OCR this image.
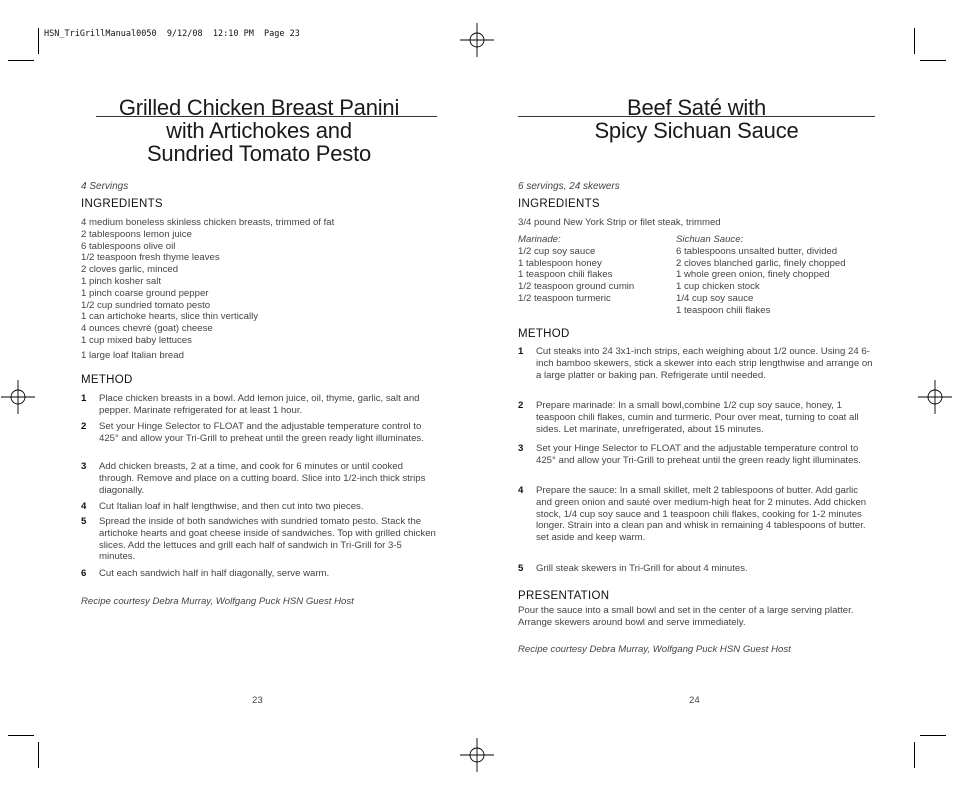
HSN_TriGrillManual0050  9/12/08  12:10 PM  Page 23
Grilled Chicken Breast Panini
with Artichokes and
Sundried Tomato Pesto
4 Servings
INGREDIENTS
4 medium boneless skinless chicken breasts, trimmed of fat
2 tablespoons lemon juice
6 tablespoons olive oil
1/2 teaspoon fresh thyme leaves
2 cloves garlic, minced
1 pinch kosher salt
1 pinch coarse ground pepper
1/2 cup sundried tomato pesto
1 can artichoke hearts, slice thin vertically
4 ounces chevré (goat) cheese
1 cup mixed baby lettuces
1 large loaf Italian bread
METHOD
1 Place chicken breasts in a bowl. Add lemon juice, oil, thyme, garlic, salt and pepper. Marinate refrigerated for at least 1 hour.
2 Set your Hinge Selector to FLOAT and the adjustable temperature control to 425° and allow your Tri-Grill to preheat until the green ready light illuminates.
3 Add chicken breasts, 2 at a time, and cook for 6 minutes or until cooked through. Remove and place on a cutting board. Slice into 1/2-inch thick strips diagonally.
4 Cut Italian loaf in half lengthwise, and then cut into two pieces.
5 Spread the inside of both sandwiches with sundried tomato pesto. Stack the artichoke hearts and goat cheese inside of sandwiches. Top with grilled chicken slices. Add the lettuces and grill each half of sandwich in Tri-Grill for 3-5 minutes.
6 Cut each sandwich half in half diagonally, serve warm.
Recipe courtesy Debra Murray, Wolfgang Puck HSN Guest Host
23
Beef Saté with
Spicy Sichuan Sauce
6 servings, 24 skewers
INGREDIENTS
3/4 pound New York Strip or filet steak, trimmed
Marinade:
1/2 cup soy sauce
1 tablespoon honey
1 teaspoon chili flakes
1/2 teaspoon ground cumin
1/2 teaspoon turmeric
Sichuan Sauce:
6 tablespoons unsalted butter, divided
2 cloves blanched garlic, finely chopped
1 whole green onion, finely chopped
1 cup chicken stock
1/4 cup soy sauce
1 teaspoon chili flakes
METHOD
1 Cut steaks into 24 3x1-inch strips, each weighing about 1/2 ounce. Using 24 6-inch bamboo skewers, stick a skewer into each strip lengthwise and arrange on a large platter or baking pan. Refrigerate until needed.
2 Prepare marinade: In a small bowl,combine 1/2 cup soy sauce, honey, 1 teaspoon chili flakes, cumin and turmeric. Pour over meat, turning to coat all sides. Let marinate, unrefrigerated, about 15 minutes.
3 Set your Hinge Selector to FLOAT and the adjustable temperature control to 425° and allow your Tri-Grill to preheat until the green ready light illuminates.
4 Prepare the sauce: In a small skillet, melt 2 tablespoons of butter. Add garlic and green onion and sauté over medium-high heat for 2 minutes. Add chicken stock, 1/4 cup soy sauce and 1 teaspoon chili flakes, cooking for 1-2 minutes longer. Strain into a clean pan and whisk in remaining 4 tablespoons of butter. set aside and keep warm.
5 Grill steak skewers in Tri-Grill for about 4 minutes.
PRESENTATION
Pour the sauce into a small bowl and set in the center of a large serving platter. Arrange skewers around bowl and serve immediately.
Recipe courtesy Debra Murray, Wolfgang Puck HSN Guest Host
24
